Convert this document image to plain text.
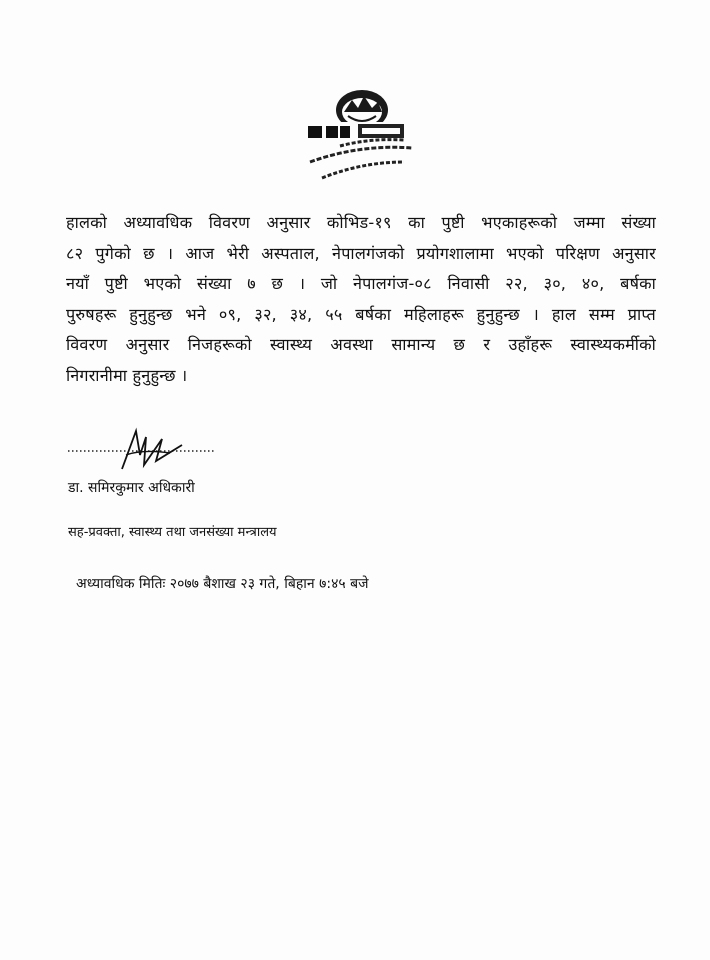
हालको अध्यावधिक विवरण अनुसार कोभिड-१९ का पुष्टी भएकाहरूको जम्मा संख्या
८२ पुगेको छ । आज भेरी अस्पताल, नेपालगंजको प्रयोगशालामा भएको परिक्षण अनुसार
नयाँ पुष्टी भएको संख्या ७ छ । जो नेपालगंज-०८ निवासी २२, ३०, ४०, बर्षका
पुरुषहरू हुनुहुन्छ भने ०९, ३२, ३४, ५५ बर्षका महिलाहरू हुनुहुन्छ । हाल सम्म प्राप्त
विवरण अनुसार निजहरूको स्वास्थ्य अवस्था सामान्य छ र उहाँहरू स्वास्थ्यकर्मीको
निगरानीमा हुनुहुन्छ ।
डा. समिरकुमार अधिकारी
सह-प्रवक्ता, स्वास्थ्य तथा जनसंख्या मन्त्रालय
अध्यावधिक मितिः २०७७ बैशाख २३ गते, बिहान ७:४५ बजे
